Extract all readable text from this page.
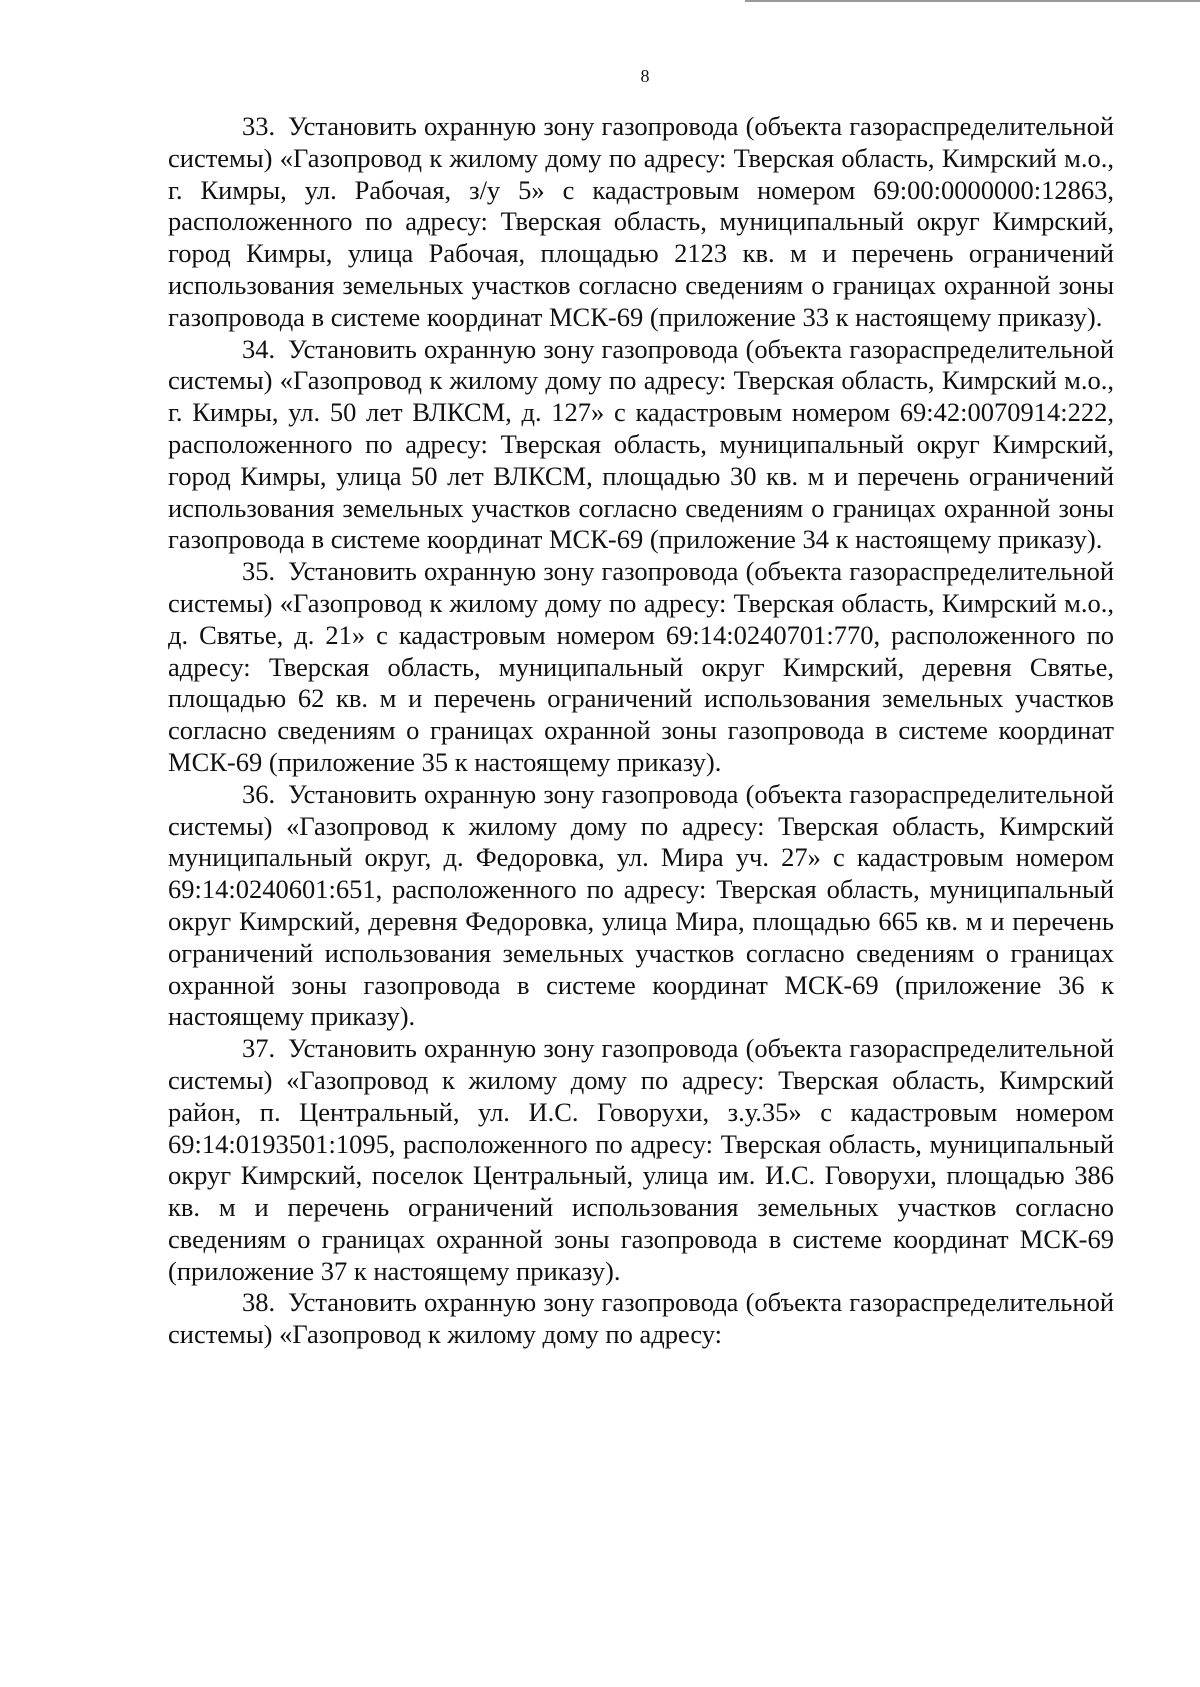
8

33. Установить охранную зону газопровода (объекта газораспределительной системы) «Газопровод к жилому дому по адресу: Тверская область, Кимрский м.о., г. Кимры, ул. Рабочая, з/у 5» с кадастровым номером 69:00:0000000:12863, расположенного по адресу: Тверская область, муниципальный округ Кимрский, город Кимры, улица Рабочая, площадью 2123 кв. м и перечень ограничений использования земельных участков согласно сведениям о границах охранной зоны газопровода в системе координат МСК-69 (приложение 33 к настоящему приказу).

34. Установить охранную зону газопровода (объекта газораспределительной системы) «Газопровод к жилому дому по адресу: Тверская область, Кимрский м.о., г. Кимры, ул. 50 лет ВЛКСМ, д. 127» с кадастровым номером 69:42:0070914:222, расположенного по адресу: Тверская область, муниципальный округ Кимрский, город Кимры, улица 50 лет ВЛКСМ, площадью 30 кв. м и перечень ограничений использования земельных участков согласно сведениям о границах охранной зоны газопровода в системе координат МСК-69 (приложение 34 к настоящему приказу).

35. Установить охранную зону газопровода (объекта газораспределительной системы) «Газопровод к жилому дому по адресу: Тверская область, Кимрский м.о., д. Святье, д. 21» с кадастровым номером 69:14:0240701:770, расположенного по адресу: Тверская область, муниципальный округ Кимрский, деревня Святье, площадью 62 кв. м и перечень ограничений использования земельных участков согласно сведениям о границах охранной зоны газопровода в системе координат МСК-69 (приложение 35 к настоящему приказу).

36. Установить охранную зону газопровода (объекта газораспределительной системы) «Газопровод к жилому дому по адресу: Тверская область, Кимрский муниципальный округ, д. Федоровка, ул. Мира уч. 27» с кадастровым номером 69:14:0240601:651, расположенного по адресу: Тверская область, муниципальный округ Кимрский, деревня Федоровка, улица Мира, площадью 665 кв. м и перечень ограничений использования земельных участков согласно сведениям о границах охранной зоны газопровода в системе координат МСК-69 (приложение 36 к настоящему приказу).

37. Установить охранную зону газопровода (объекта газораспределительной системы) «Газопровод к жилому дому по адресу: Тверская область, Кимрский район, п. Центральный, ул. И.С. Говорухи, з.у.35» с кадастровым номером 69:14:0193501:1095, расположенного по адресу: Тверская область, муниципальный округ Кимрский, поселок Центральный, улица им. И.С. Говорухи, площадью 386 кв. м и перечень ограничений использования земельных участков согласно сведениям о границах охранной зоны газопровода в системе координат МСК-69 (приложение 37 к настоящему приказу).

38. Установить охранную зону газопровода (объекта газораспределительной системы) «Газопровод к жилому дому по адресу:
